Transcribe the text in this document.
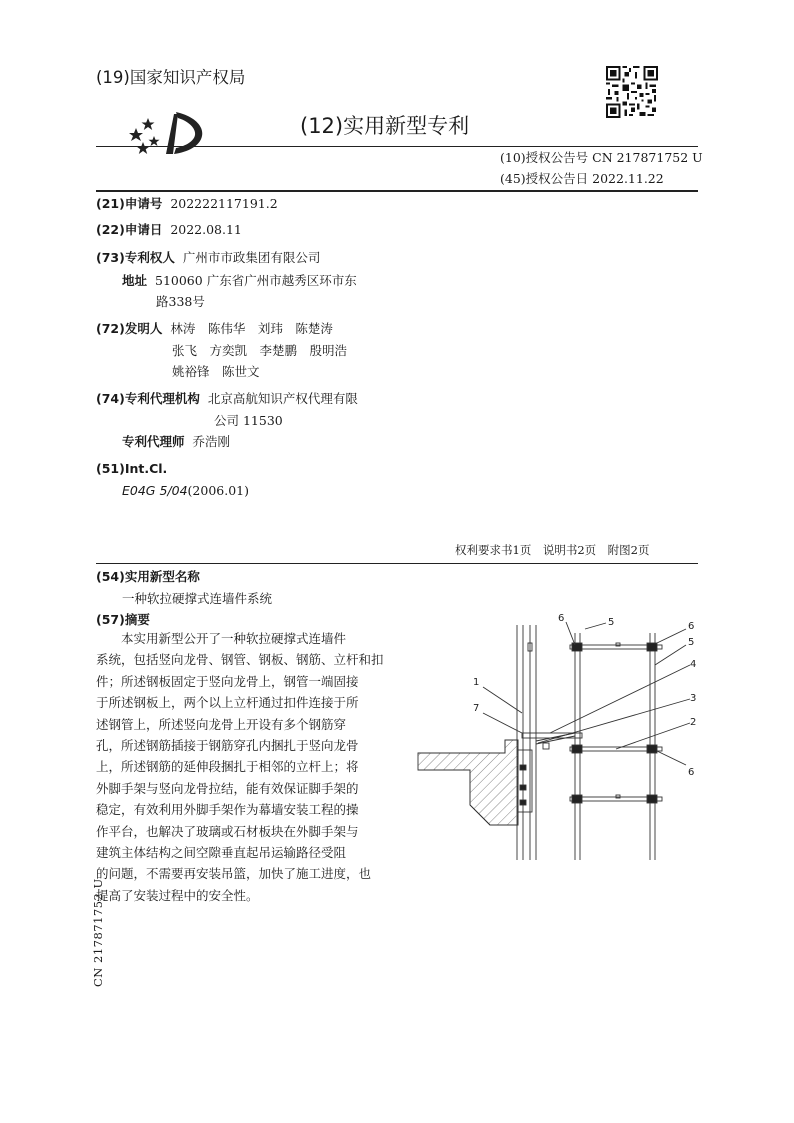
(19)国家知识产权局
(12)实用新型专利
(10)授权公告号 CN 217871752 U
(45)授权公告日 2022.11.22
(21)申请号 202222117191.2
(22)申请日 2022.08.11
(73)专利权人 广州市市政集团有限公司
地址 510060 广东省广州市越秀区环市东
路338号
(72)发明人 林涛　陈伟华　刘玮　陈楚涛
张飞　方奕凯　李楚鹏　殷明浩
姚裕锋　陈世文
(74)专利代理机构 北京高航知识产权代理有限
公司 11530
专利代理师 乔浩刚
(51)Int.Cl.
E04G 5/04(2006.01)
权利要求书1页　说明书2页　附图2页
(54)实用新型名称
一种软拉硬撑式连墙件系统
(57)摘要
本实用新型公开了一种软拉硬撑式连墙件
系统，包括竖向龙骨、钢管、钢板、钢筋、立杆和扣
件；所述钢板固定于竖向龙骨上，钢管一端固接
于所述钢板上，两个以上立杆通过扣件连接于所
述钢管上，所述竖向龙骨上开设有多个钢筋穿
孔，所述钢筋插接于钢筋穿孔内捆扎于竖向龙骨
上，所述钢筋的延伸段捆扎于相邻的立杆上；将
外脚手架与竖向龙骨拉结，能有效保证脚手架的
稳定，有效利用外脚手架作为幕墙安装工程的操
作平台，也解决了玻璃或石材板块在外脚手架与
建筑主体结构之间空隙垂直起吊运输路径受阻
的问题，不需要再安装吊篮，加快了施工进度，也
提高了安装过程中的安全性。
CN 217871752 U
1
7
6	5	6
5
4
3
2
6
